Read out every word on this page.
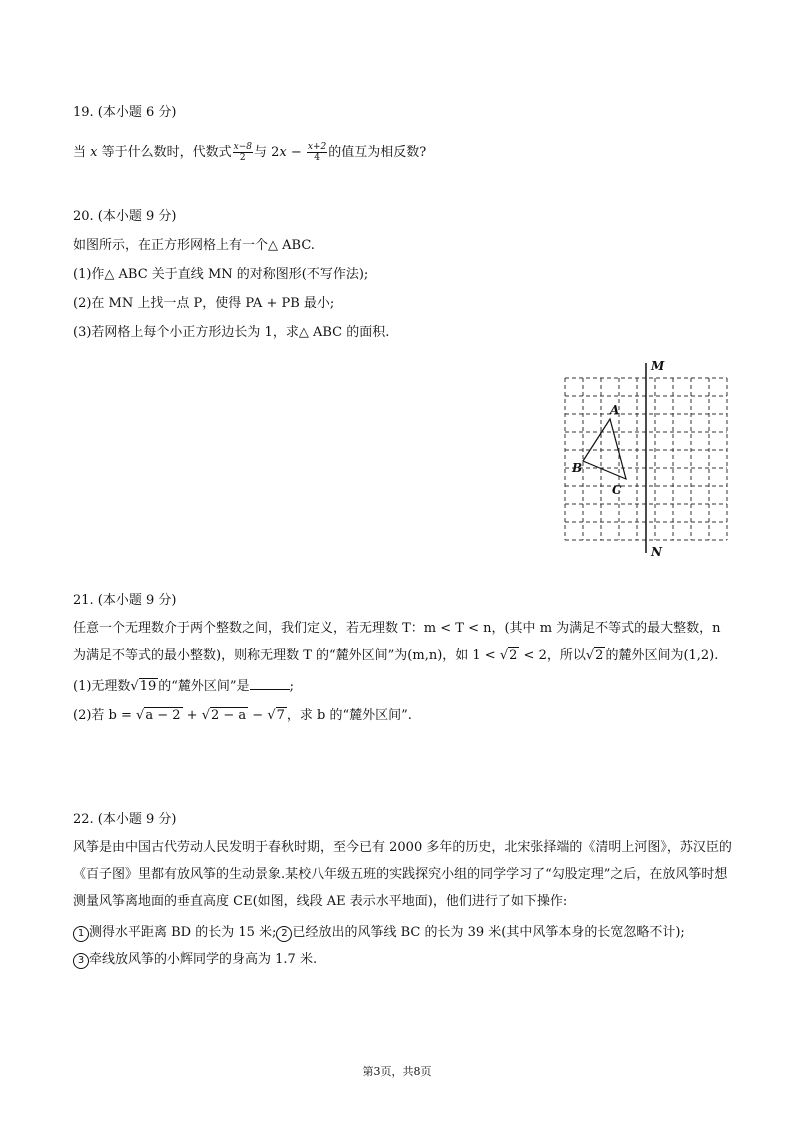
19. (本小题 6 分)
当 x 等于什么数时，代数式 $\frac{x-8}{2}$ 与 $2x - \frac{x+2}{4}$ 的值互为相反数?
20. (本小题 9 分)
如图所示，在正方形网格上有一个△ ABC.
(1)作△ ABC 关于直线 MN 的对称图形(不写作法);
(2)在 MN 上找一点 P，使得 PA + PB 最小;
(3)若网格上每个小正方形边长为 1，求△ ABC 的面积.
M
N
A
B
C
21. (本小题 9 分)
任意一个无理数介于两个整数之间，我们定义，若无理数 T：m < T < n，(其中 m 为满足不等式的最大整数，n 为满足不等式的最小整数)，则称无理数 T 的“麓外区间”为(m,n)，如 1 < √2 < 2，所以√2 的麓外区间为(1,2).
(1)无理数√19 的“麓外区间”是	;
(2)若 b = √a − 2 + √2 − a − √7 ，求 b 的“麓外区间”.
22. (本小题 9 分)
风筝是由中国古代劳动人民发明于春秋时期，至今已有 2000 多年的历史，北宋张择端的《清明上河图》，苏汉臣的《百子图》里都有放风筝的生动景象.某校八年级五班的实践探究小组的同学学习了“勾股定理”之后，在放风筝时想测量风筝离地面的垂直高度 CE(如图，线段 AE 表示水平地面)，他们进行了如下操作:
1 测得水平距离 BD 的长为 15 米; 2 已经放出的风筝线 BC 的长为 39 米(其中风筝本身的长宽忽略不计);
3 牵线放风筝的小辉同学的身高为 1.7 米.
第3页，共8页
